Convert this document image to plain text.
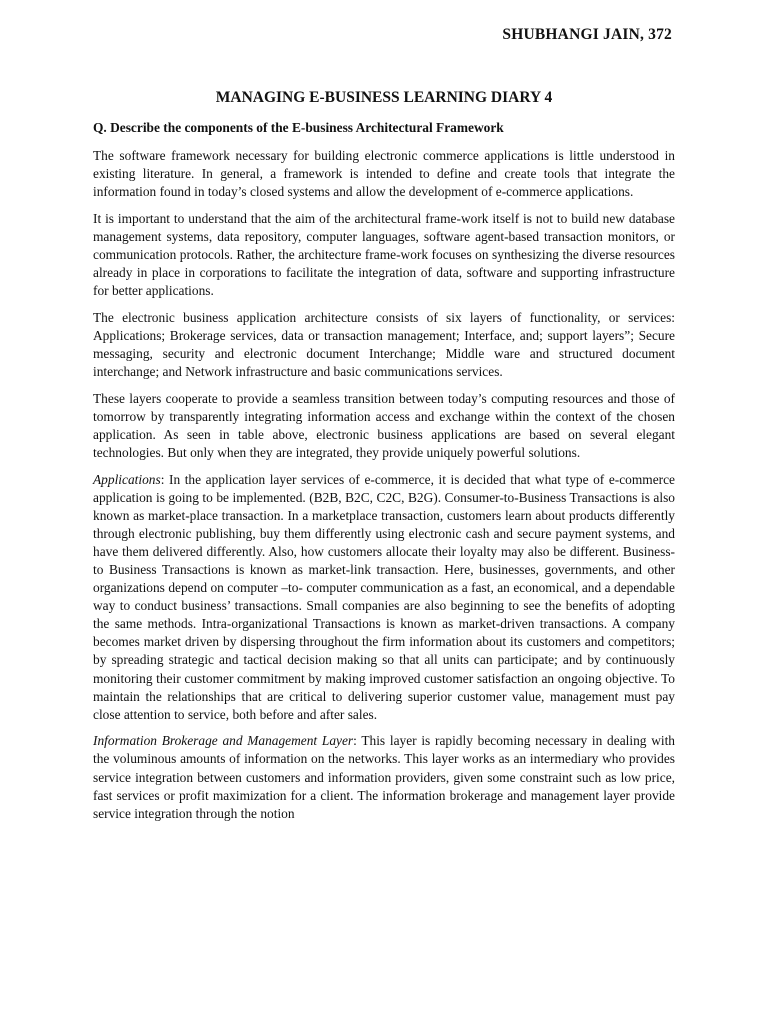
SHUBHANGI JAIN, 372
MANAGING E-BUSINESS LEARNING DIARY 4

Q. Describe the components of the E-business Architectural Framework

The software framework necessary for building electronic commerce applications is little understood in existing literature. In general, a framework is intended to define and create tools that integrate the information found in today’s closed systems and allow the development of e-commerce applications.

It is important to understand that the aim of the architectural frame-work itself is not to build new database management systems, data repository, computer languages, software agent-based transaction monitors, or communication protocols. Rather, the architecture frame-work focuses on synthesizing the diverse resources already in place in corporations to facilitate the integration of data, software and supporting infrastructure for better applications.

The electronic business application architecture consists of six layers of functionality, or services: Applications; Brokerage services, data or transaction management; Interface, and; support layers”; Secure messaging, security and electronic document Interchange; Middle ware and structured document interchange; and Network infrastructure and basic communications services.

These layers cooperate to provide a seamless transition between today’s computing resources and those of tomorrow by transparently integrating information access and exchange within the context of the chosen application. As seen in table above, electronic business applications are based on several elegant technologies. But only when they are integrated, they provide uniquely powerful solutions.

Applications: In the application layer services of e-commerce, it is decided that what type of e-commerce application is going to be implemented. (B2B, B2C, C2C, B2G). Consumer-to-Business Transactions is also known as market-place transaction. In a marketplace transaction, customers learn about products differently through electronic publishing, buy them differently using electronic cash and secure payment systems, and have them delivered differently. Also, how customers allocate their loyalty may also be different. Business-to Business Transactions is known as market-link transaction. Here, businesses, governments, and other organizations depend on computer –to- computer communication as a fast, an economical, and a dependable way to conduct business’ transactions. Small companies are also beginning to see the benefits of adopting the same methods. Intra-organizational Transactions is known as market-driven transactions. A company becomes market driven by dispersing throughout the firm information about its customers and competitors; by spreading strategic and tactical decision making so that all units can participate; and by continuously monitoring their customer commitment by making improved customer satisfaction an ongoing objective. To maintain the relationships that are critical to delivering superior customer value, management must pay close attention to service, both before and after sales.

Information Brokerage and Management Layer: This layer is rapidly becoming necessary in dealing with the voluminous amounts of information on the networks. This layer works as an intermediary who provides service integration between customers and information providers, given some constraint such as low price, fast services or profit maximization for a client. The information brokerage and management layer provide service integration through the notion
